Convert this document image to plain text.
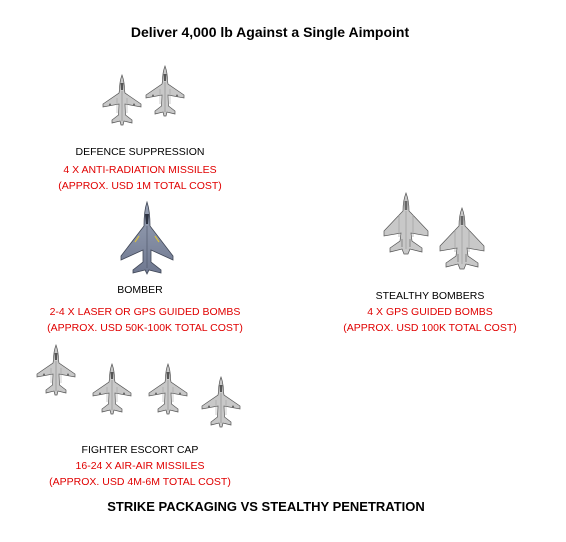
Deliver 4,000 lb Against a Single Aimpoint
DEFENCE SUPPRESSION
4 X ANTI-RADIATION MISSILES
(APPROX. USD 1M TOTAL COST)
BOMBER
2-4 X LASER OR GPS GUIDED BOMBS
(APPROX. USD 50K-100K TOTAL COST)
FIGHTER ESCORT CAP
16-24 X AIR-AIR MISSILES
(APPROX. USD 4M-6M TOTAL COST)
STEALTHY BOMBERS
4 X GPS GUIDED BOMBS
(APPROX. USD 100K TOTAL COST)
STRIKE PACKAGING VS STEALTHY PENETRATION
